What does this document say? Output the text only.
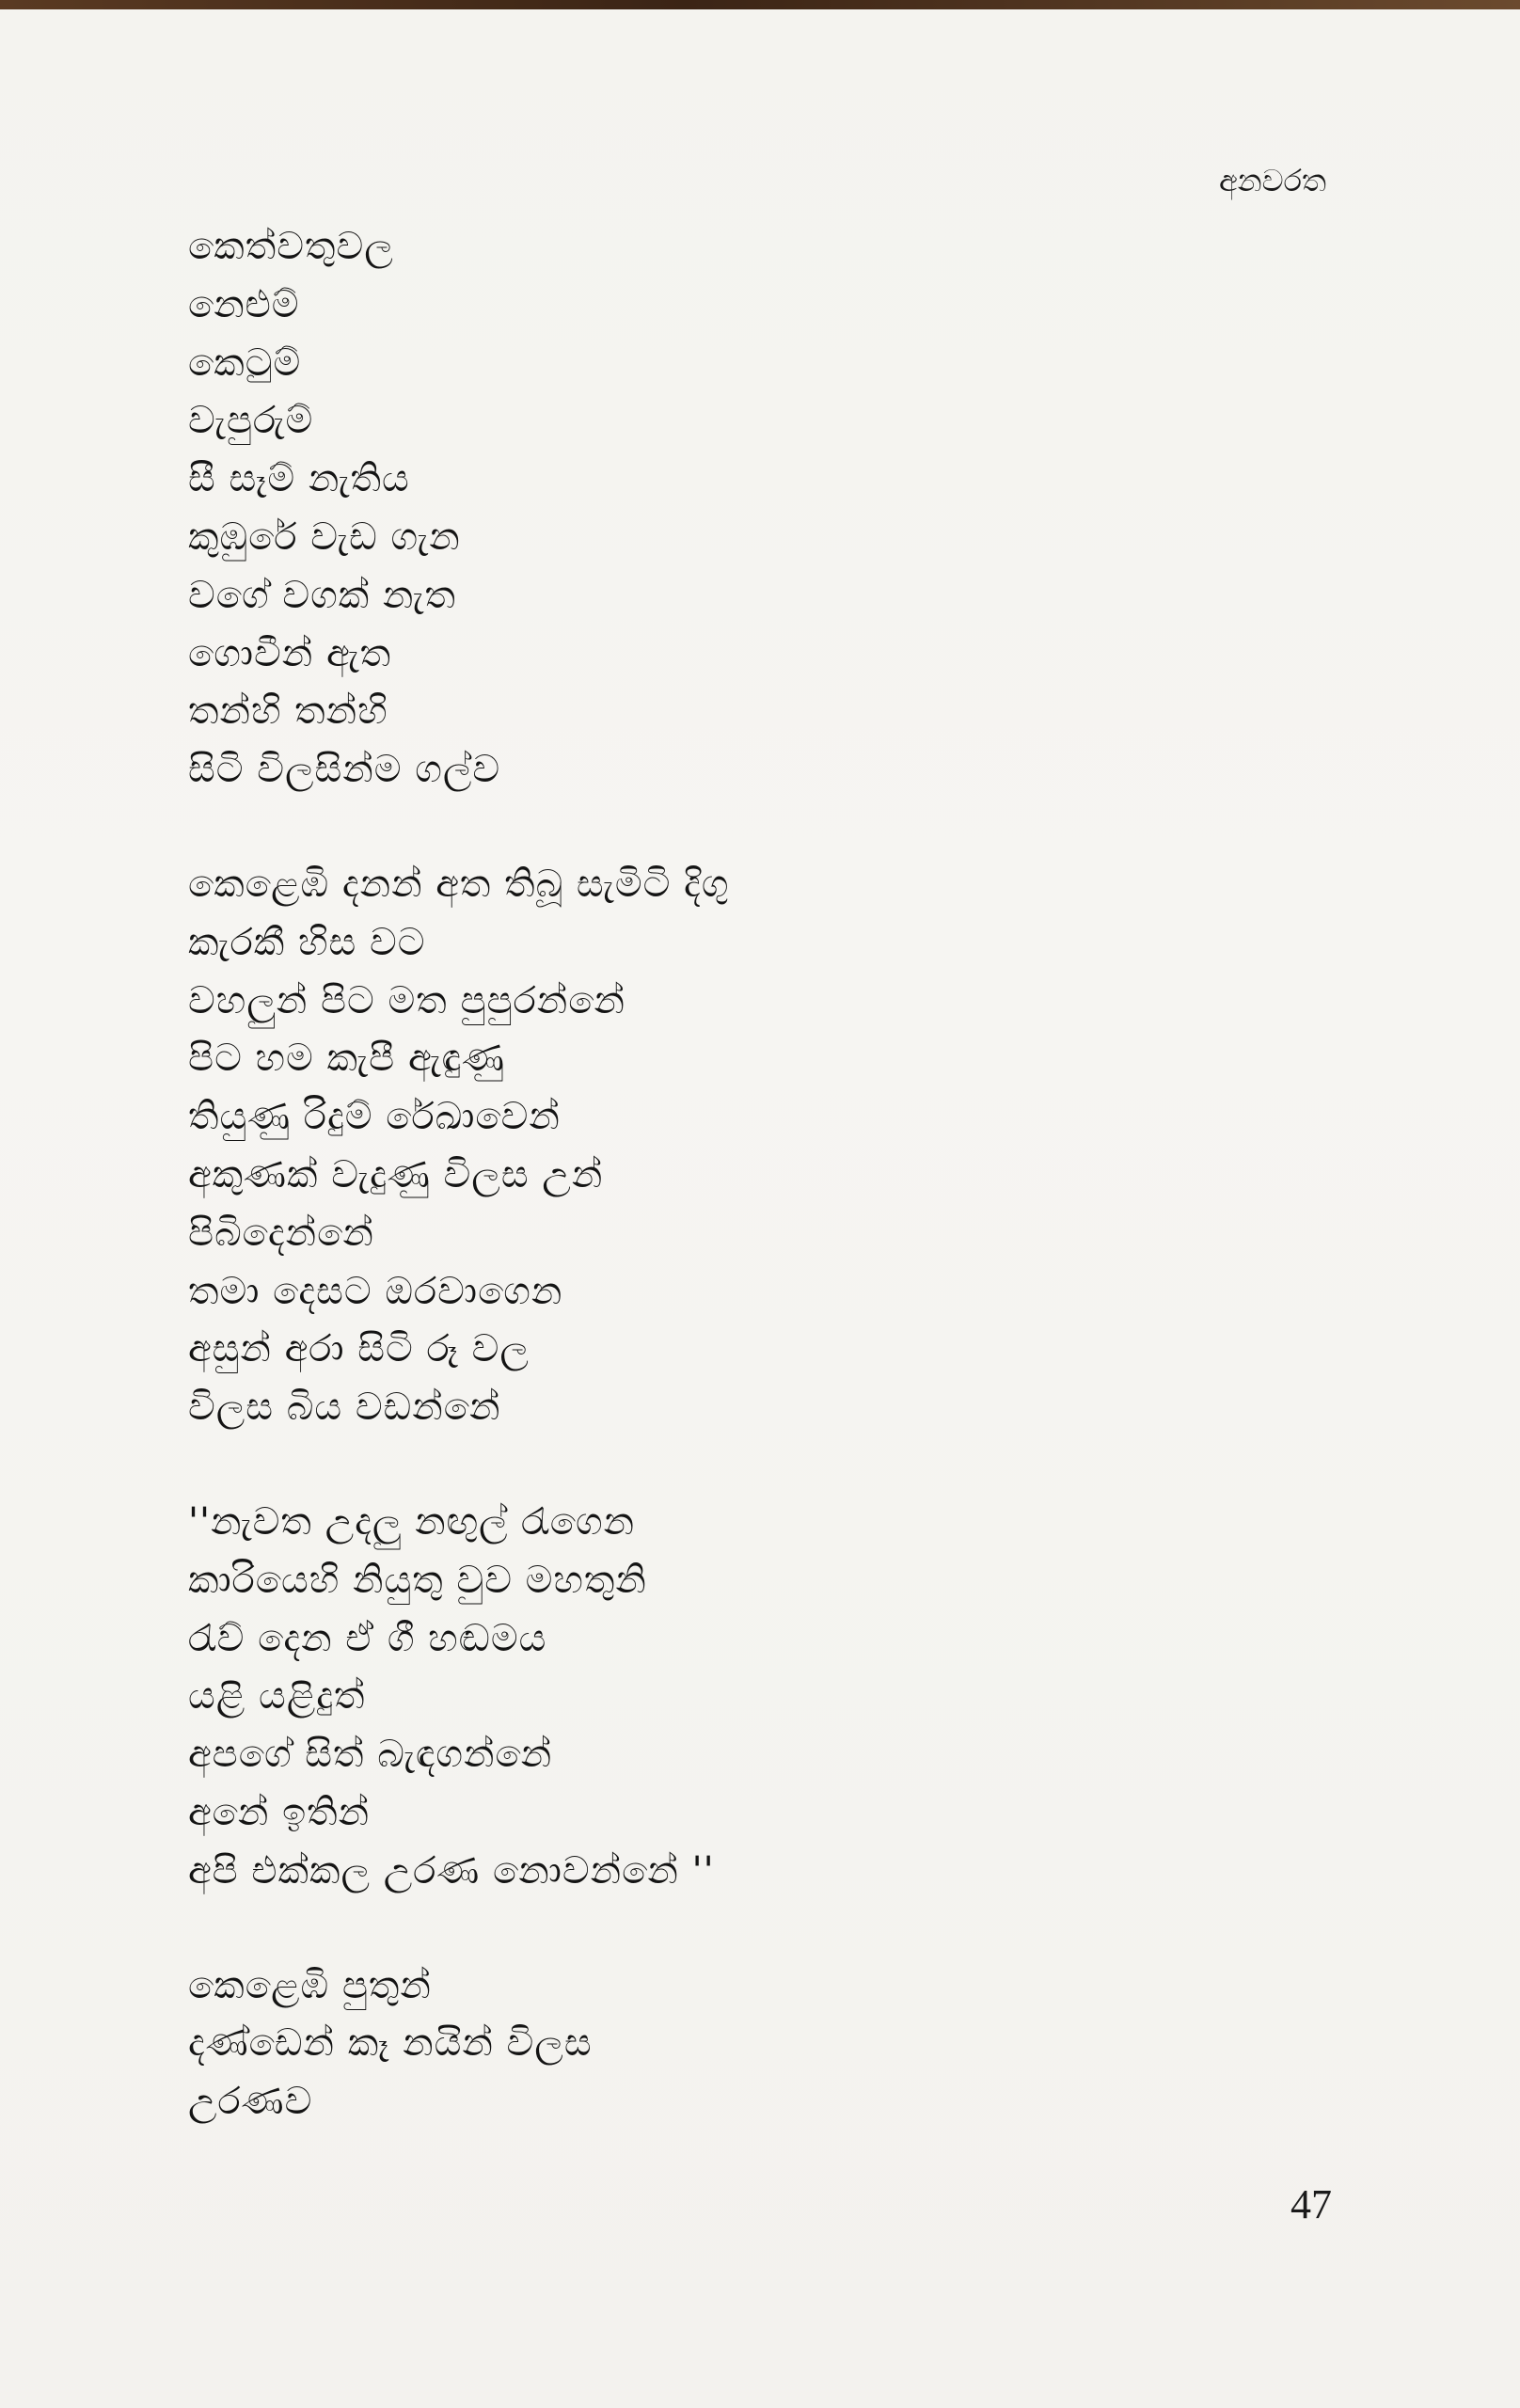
අනවරත
කෙත්වතුවල
නෙළුම්
කෙටුම්
වැපුරුම්
සී සෑම් නැතිය
කුඹුරේ වැඩ ගැන
වගේ වගක් නැත
ගොවීන් ඇත
තන්හි තන්හි
සිටි විලසින්ම ගල්ව
කෙළෙඹි දනන් අත තිබූ සැමිටි දිගු
කැරකී හිස වට
වහලුන් පිට මත පුපුරන්නේ
පිට හම කැපී ඇඳුණු
තියුණු රිදුම් රේඛාවෙන්
අකුණක් වැදුණු විලස උන්
පිබිදෙන්නේ
තමා දෙසට ඔරවාගෙන
අසුන් අරා සිටි රූ වල
විලස බිය වඩන්නේ
''නැවත උදලු නඟුල් රැගෙන
කාරියෙහි නියුතු වුව මහතුනි
රැව් දෙන ඒ ගී හඬමය
යළි යළිදුත්
අපගේ සිත් බැඳගන්නේ
අනේ ඉතින්
අපි එක්කල උරණ නොවන්නේ ''
කෙළෙඹි පුතුන්
දණ්ඩෙන් කෑ නයින් විලස
උරණව
47
